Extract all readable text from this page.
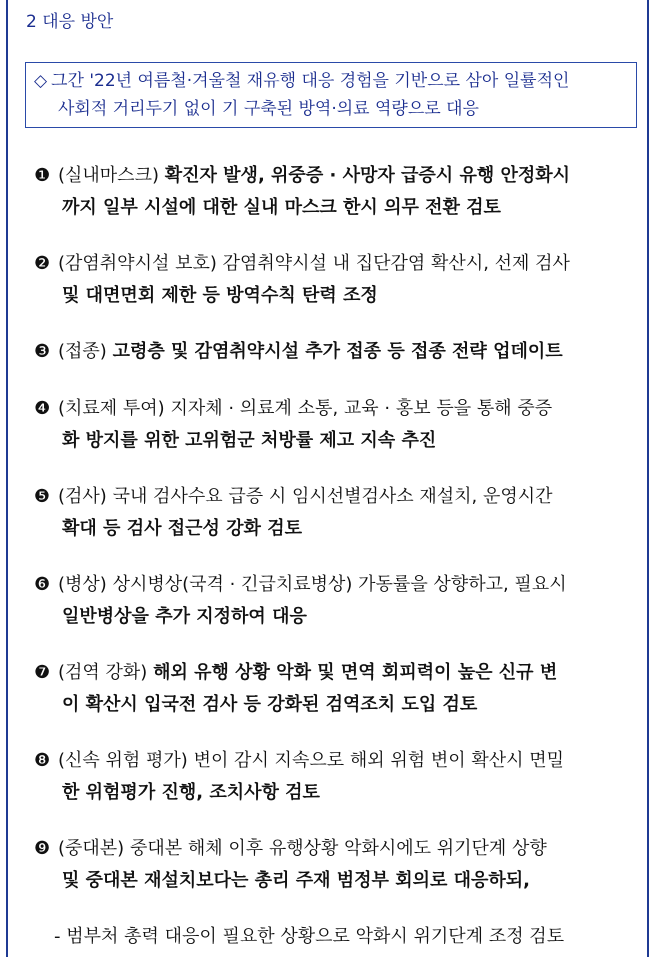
2 대응 방안
◇ 그간 '22년 여름철·겨울철 재유행 대응 경험을 기반으로 삼아 일률적인
사회적 거리두기 없이 기 구축된 방역·의료 역량으로 대응
❶ (실내마스크) 확진자 발생, 위중증 · 사망자 급증시 유행 안정화시
까지 일부 시설에 대한 실내 마스크 한시 의무 전환 검토
❷ (감염취약시설 보호) 감염취약시설 내 집단감염 확산시, 선제 검사
및 대면면회 제한 등 방역수칙 탄력 조정
❸ (접종) 고령층 및 감염취약시설 추가 접종 등 접종 전략 업데이트
❹ (치료제 투여) 지자체 · 의료계 소통, 교육 · 홍보 등을 통해 중증
화 방지를 위한 고위험군 처방률 제고 지속 추진
❺ (검사) 국내 검사수요 급증 시 임시선별검사소 재설치, 운영시간
확대 등 검사 접근성 강화 검토
❻ (병상) 상시병상(국격 · 긴급치료병상) 가동률을 상향하고, 필요시
일반병상을 추가 지정하여 대응
❼ (검역 강화) 해외 유행 상황 악화 및 면역 회피력이 높은 신규 변
이 확산시 입국전 검사 등 강화된 검역조치 도입 검토
❽ (신속 위험 평가) 변이 감시 지속으로 해외 위험 변이 확산시 면밀
한 위험평가 진행, 조치사항 검토
❾ (중대본) 중대본 해체 이후 유행상황 악화시에도 위기단계 상향
및 중대본 재설치보다는 총리 주재 범정부 회의로 대응하되,
- 범부처 총력 대응이 필요한 상황으로 악화시 위기단계 조정 검토
